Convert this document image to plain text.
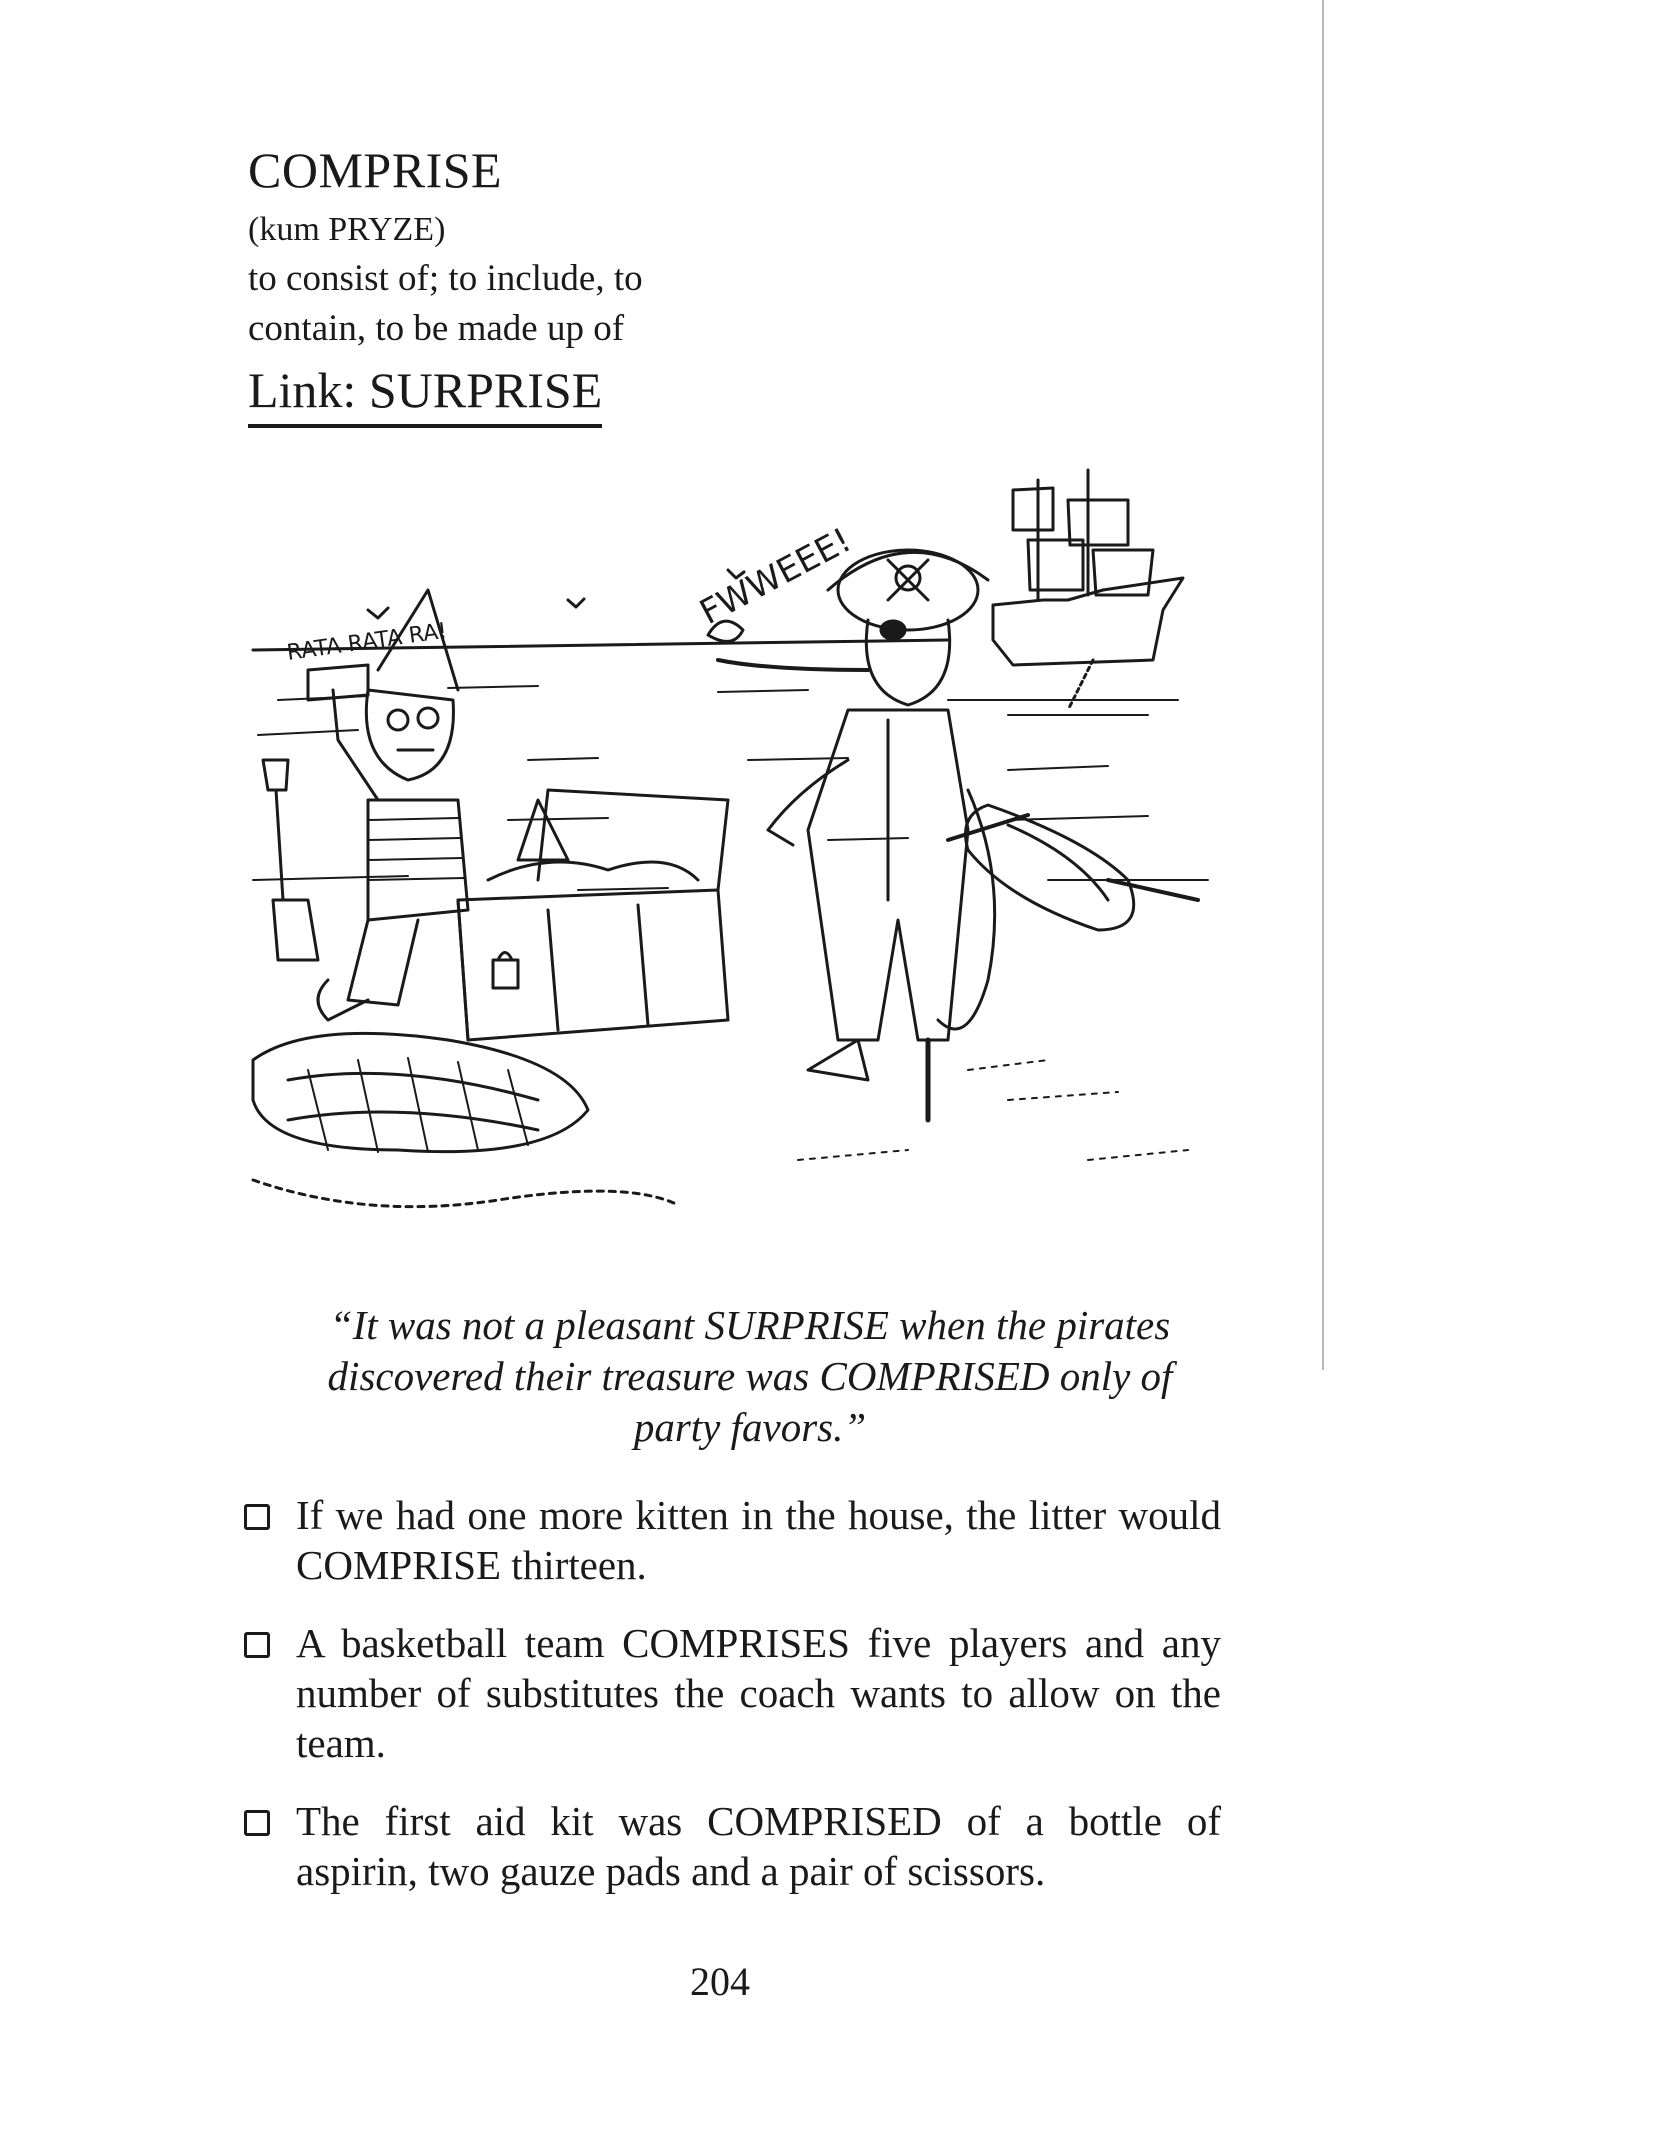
COMPRISE
(kum PRYZE)
to consist of; to include, to
contain, to be made up of
Link: SURPRISE
FWWEEE!
RATA RATA RA!
“It was not a pleasant SURPRISE when the pirates
discovered their treasure was COMPRISED only of
party favors.”
If we had one more kitten in the house, the litter would COMPRISE thirteen.
A basketball team COMPRISES five players and any number of substitutes the coach wants to allow on the team.
The first aid kit was COMPRISED of a bottle of aspirin, two gauze pads and a pair of scissors.
204
